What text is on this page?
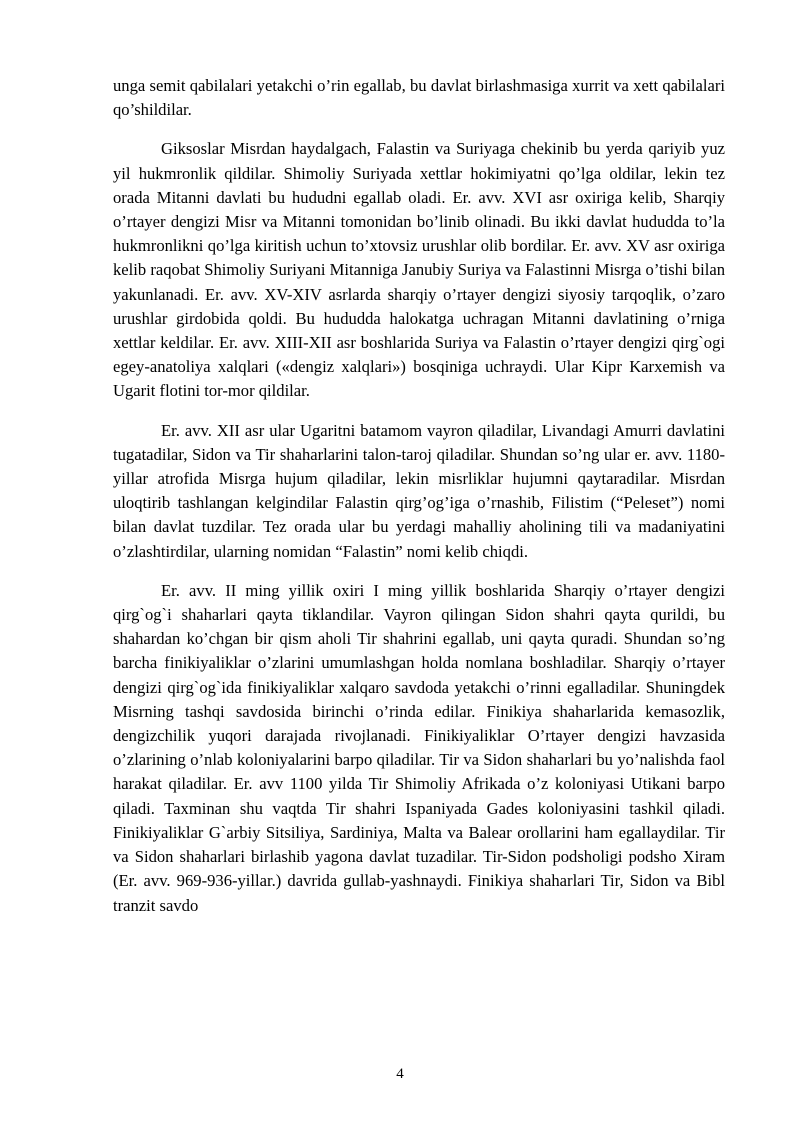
unga semit qabilalari yetakchi o’rin egallab, bu davlat birlashmasiga xurrit va xett qabilalari qo’shildilar.

Giksoslar Misrdan haydalgach, Falastin va Suriyaga chekinib bu yerda qariyib yuz yil hukmronlik qildilar. Shimoliy Suriyada xettlar hokimiyatni qo’lga oldilar, lekin tez orada Mitanni davlati bu hududni egallab oladi. Er. avv. XVI asr oxiriga kelib, Sharqiy o’rtayer dengizi Misr va Mitanni tomonidan bo’linib olinadi. Bu ikki davlat hududda to’la hukmronlikni qo’lga kiritish uchun to’xtovsiz urushlar olib bordilar. Er. avv. XV asr oxiriga kelib raqobat Shimoliy Suriyani Mitanniga Janubiy Suriya va Falastinni Misrga o’tishi bilan yakunlanadi. Er. avv. XV-XIV asrlarda sharqiy o’rtayer dengizi siyosiy tarqoqlik, o’zaro urushlar girdobida qoldi. Bu hududda halokatga uchragan Mitanni davlatining o’rniga xettlar keldilar. Er. avv. XIII-XII asr boshlarida Suriya va Falastin o’rtayer dengizi qirg`ogi egey-anatoliya xalqlari («dengiz xalqlari») bosqiniga uchraydi. Ular Kipr Karxemish va Ugarit flotini tor-mor qildilar.

Er. avv. XII asr ular Ugaritni batamom vayron qiladilar, Livandagi Amurri davlatini tugatadilar, Sidon va Tir shaharlarini talon-taroj qiladilar. Shundan so’ng ular er. avv. 1180-yillar atrofida Misrga hujum qiladilar, lekin misrliklar hujumni qaytaradilar. Misrdan uloqtirib tashlangan kelgindilar Falastin qirg’og’iga o’rnashib, Filistim (“Peleset”) nomi bilan davlat tuzdilar. Tez orada ular bu yerdagi mahalliy aholining tili va madaniyatini o’zlashtirdilar, ularning nomidan “Falastin” nomi kelib chiqdi.

Er. avv. II ming yillik oxiri I ming yillik boshlarida Sharqiy o’rtayer dengizi qirg`og`i shaharlari qayta tiklandilar. Vayron qilingan Sidon shahri qayta qurildi, bu shahardan ko’chgan bir qism aholi Tir shahrini egallab, uni qayta quradi. Shundan so’ng barcha finikiyaliklar o’zlarini umumlashgan holda nomlana boshladilar. Sharqiy o’rtayer dengizi qirg`og`ida finikiyaliklar xalqaro savdoda yetakchi o’rinni egalladilar. Shuningdek Misrning tashqi savdosida birinchi o’rinda edilar. Finikiya shaharlarida kemasozlik, dengizchilik yuqori darajada rivojlanadi. Finikiyaliklar O’rtayer dengizi havzasida o’zlarining o’nlab koloniyalarini barpo qiladilar. Tir va Sidon shaharlari bu yo’nalishda faol harakat qiladilar. Er. avv 1100 yilda Tir Shimoliy Afrikada o’z koloniyasi Utikani barpo qiladi. Taxminan shu vaqtda Tir shahri Ispaniyada Gades koloniyasini tashkil qiladi. Finikiyaliklar G`arbiy Sitsiliya, Sardiniya, Malta va Balear orollarini ham egallaydilar. Tir va Sidon shaharlari birlashib yagona davlat tuzadilar. Tir-Sidon podsholigi podsho Xiram (Er. avv. 969-936-yillar.) davrida gullab-yashnaydi. Finikiya shaharlari Tir, Sidon va Bibl tranzit savdo

4
